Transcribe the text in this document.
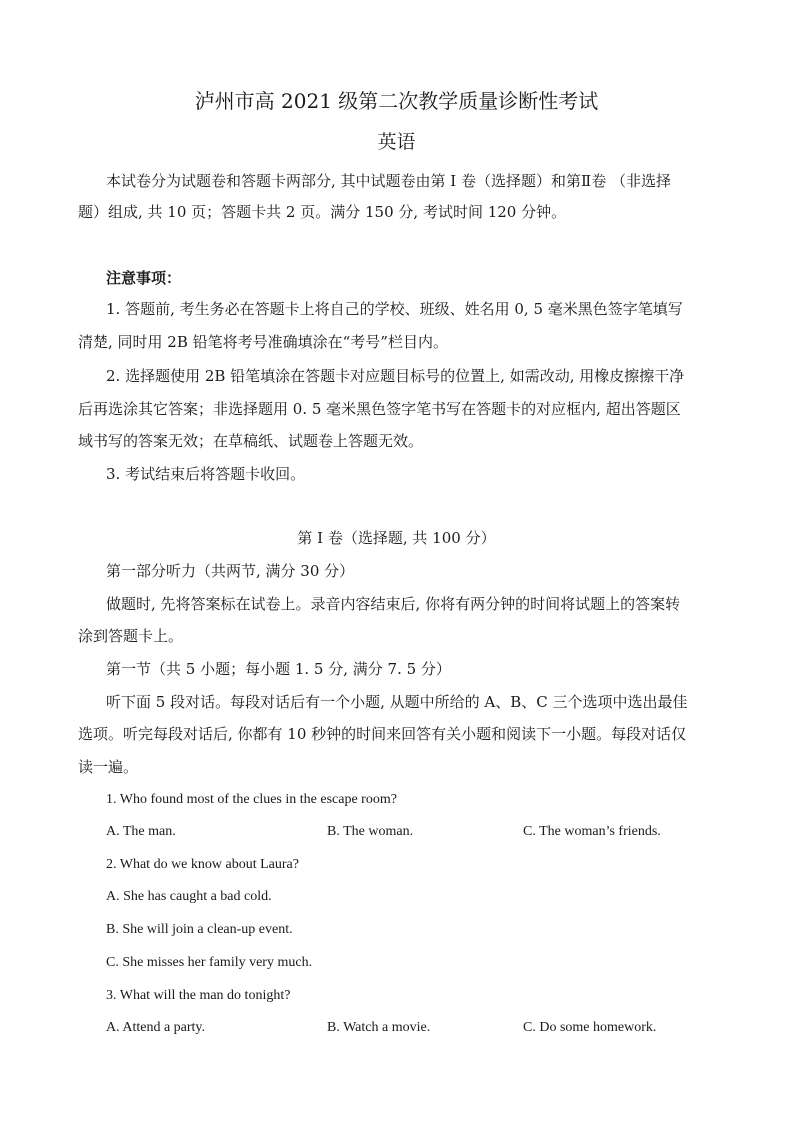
泸州市高 2021 级第二次教学质量诊断性考试
英语
本试卷分为试题卷和答题卡两部分, 其中试题卷由第 I 卷（选择题）和第Ⅱ卷 （非选择
题）组成, 共 10 页；答题卡共 2 页。满分 150 分, 考试时间 120 分钟。
注意事项：
1. 答题前, 考生务必在答题卡上将自己的学校、班级、姓名用 0, 5 毫米黑色签字笔填写
清楚, 同时用 2B 铅笔将考号准确填涂在“考号”栏目内。
2. 选择题使用 2B 铅笔填涂在答题卡对应题目标号的位置上, 如需改动, 用橡皮擦擦干净
后再选涂其它答案；非选择题用 0. 5 毫米黑色签字笔书写在答题卡的对应框内, 超出答题区
域书写的答案无效；在草稿纸、试题卷上答题无效。
3. 考试结束后将答题卡收回。
第 I 卷（选择题, 共 100 分）
第一部分听力（共两节, 满分 30 分）
做题时, 先将答案标在试卷上。录音内容结束后, 你将有两分钟的时间将试题上的答案转
涂到答题卡上。
第一节（共 5 小题；每小题 1. 5 分, 满分 7. 5 分）
听下面 5 段对话。每段对话后有一个小题, 从题中所给的 A、B、C 三个选项中选出最佳
选项。听完每段对话后, 你都有 10 秒钟的时间来回答有关小题和阅读下一小题。每段对话仅
读一遍。
1. Who found most of the clues in the escape room?
A. The man.	B. The woman.	C. The woman’s friends.
2. What do we know about Laura?
A. She has caught a bad cold.
B. She will join a clean-up event.
C. She misses her family very much.
3. What will the man do tonight?
A. Attend a party.	B. Watch a movie.	C. Do some homework.
